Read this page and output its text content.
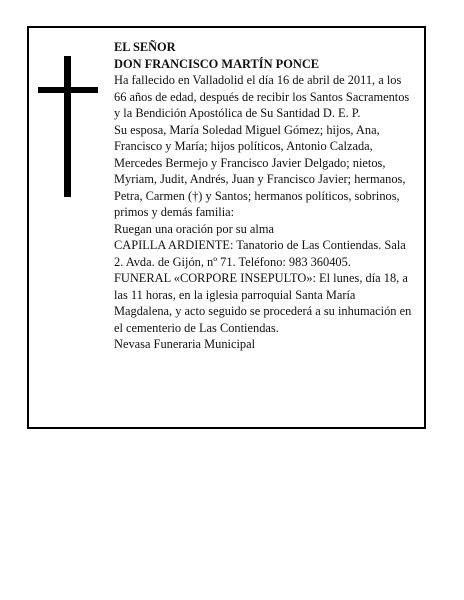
EL SEÑOR

DON FRANCISCO MARTÍN PONCE

Ha fallecido en Valladolid el día 16 de abril de 2011, a los 66 años de edad, después de recibir los Santos Sacramentos y la Bendición Apostólica de Su Santidad D. E. P.

Su esposa, María Soledad Miguel Gómez; hijos, Ana, Francisco y María; hijos políticos, Antonio Calzada, Mercedes Bermejo y Francisco Javier Delgado; nietos, Myriam, Judit, Andrés, Juan y Francisco Javier; hermanos, Petra, Carmen (†) y Santos; hermanos políticos, sobrinos, primos y demás familia:

Ruegan una oración por su alma

CAPILLA ARDIENTE: Tanatorio de Las Contiendas. Sala 2. Avda. de Gijón, nº 71. Teléfono: 983 360405.

FUNERAL «CORPORE INSEPULTO»: El lunes, día 18, a las 11 horas, en la iglesia parroquial Santa María Magdalena, y acto seguido se procederá a su inhumación en el cementerio de Las Contiendas.

Nevasa Funeraria Municipal
